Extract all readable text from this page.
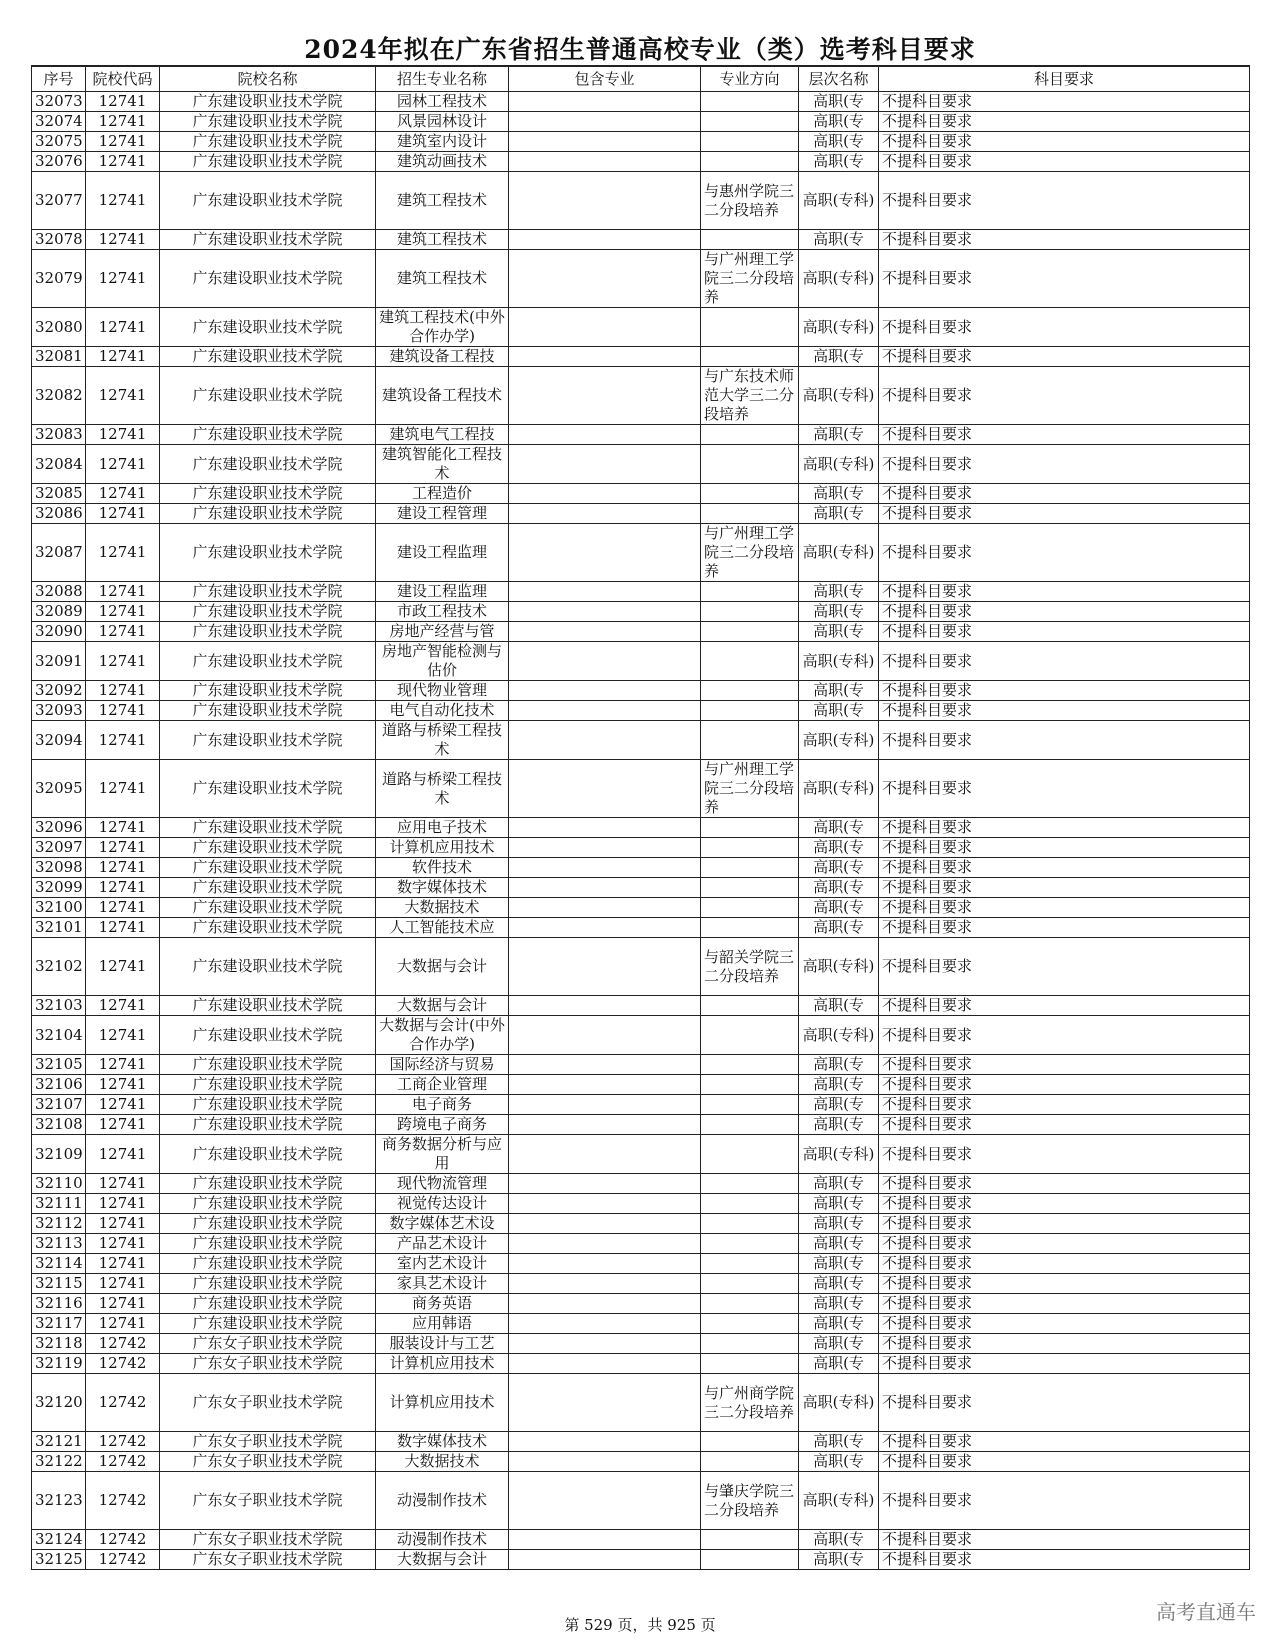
2024年拟在广东省招生普通高校专业（类）选考科目要求
序号	院校代码	院校名称	招生专业名称	包含专业	专业方向	层次名称	科目要求
32073	12741	广东建设职业技术学院	园林工程技术			高职(专	不提科目要求
32074	12741	广东建设职业技术学院	风景园林设计			高职(专	不提科目要求
32075	12741	广东建设职业技术学院	建筑室内设计			高职(专	不提科目要求
32076	12741	广东建设职业技术学院	建筑动画技术			高职(专	不提科目要求
32077	12741	广东建设职业技术学院	建筑工程技术		与惠州学院三二分段培养	高职(专科)	不提科目要求
32078	12741	广东建设职业技术学院	建筑工程技术			高职(专	不提科目要求
32079	12741	广东建设职业技术学院	建筑工程技术		与广州理工学院三二分段培养	高职(专科)	不提科目要求
32080	12741	广东建设职业技术学院	建筑工程技术(中外合作办学)			高职(专科)	不提科目要求
32081	12741	广东建设职业技术学院	建筑设备工程技			高职(专	不提科目要求
32082	12741	广东建设职业技术学院	建筑设备工程技术		与广东技术师范大学三二分段培养	高职(专科)	不提科目要求
32083	12741	广东建设职业技术学院	建筑电气工程技			高职(专	不提科目要求
32084	12741	广东建设职业技术学院	建筑智能化工程技术			高职(专科)	不提科目要求
32085	12741	广东建设职业技术学院	工程造价			高职(专	不提科目要求
32086	12741	广东建设职业技术学院	建设工程管理			高职(专	不提科目要求
32087	12741	广东建设职业技术学院	建设工程监理		与广州理工学院三二分段培养	高职(专科)	不提科目要求
32088	12741	广东建设职业技术学院	建设工程监理			高职(专	不提科目要求
32089	12741	广东建设职业技术学院	市政工程技术			高职(专	不提科目要求
32090	12741	广东建设职业技术学院	房地产经营与管			高职(专	不提科目要求
32091	12741	广东建设职业技术学院	房地产智能检测与估价			高职(专科)	不提科目要求
32092	12741	广东建设职业技术学院	现代物业管理			高职(专	不提科目要求
32093	12741	广东建设职业技术学院	电气自动化技术			高职(专	不提科目要求
32094	12741	广东建设职业技术学院	道路与桥梁工程技术			高职(专科)	不提科目要求
32095	12741	广东建设职业技术学院	道路与桥梁工程技术		与广州理工学院三二分段培养	高职(专科)	不提科目要求
32096	12741	广东建设职业技术学院	应用电子技术			高职(专	不提科目要求
32097	12741	广东建设职业技术学院	计算机应用技术			高职(专	不提科目要求
32098	12741	广东建设职业技术学院	软件技术			高职(专	不提科目要求
32099	12741	广东建设职业技术学院	数字媒体技术			高职(专	不提科目要求
32100	12741	广东建设职业技术学院	大数据技术			高职(专	不提科目要求
32101	12741	广东建设职业技术学院	人工智能技术应			高职(专	不提科目要求
32102	12741	广东建设职业技术学院	大数据与会计		与韶关学院三二分段培养	高职(专科)	不提科目要求
32103	12741	广东建设职业技术学院	大数据与会计			高职(专	不提科目要求
32104	12741	广东建设职业技术学院	大数据与会计(中外合作办学)			高职(专科)	不提科目要求
32105	12741	广东建设职业技术学院	国际经济与贸易			高职(专	不提科目要求
32106	12741	广东建设职业技术学院	工商企业管理			高职(专	不提科目要求
32107	12741	广东建设职业技术学院	电子商务			高职(专	不提科目要求
32108	12741	广东建设职业技术学院	跨境电子商务			高职(专	不提科目要求
32109	12741	广东建设职业技术学院	商务数据分析与应用			高职(专科)	不提科目要求
32110	12741	广东建设职业技术学院	现代物流管理			高职(专	不提科目要求
32111	12741	广东建设职业技术学院	视觉传达设计			高职(专	不提科目要求
32112	12741	广东建设职业技术学院	数字媒体艺术设			高职(专	不提科目要求
32113	12741	广东建设职业技术学院	产品艺术设计			高职(专	不提科目要求
32114	12741	广东建设职业技术学院	室内艺术设计			高职(专	不提科目要求
32115	12741	广东建设职业技术学院	家具艺术设计			高职(专	不提科目要求
32116	12741	广东建设职业技术学院	商务英语			高职(专	不提科目要求
32117	12741	广东建设职业技术学院	应用韩语			高职(专	不提科目要求
32118	12742	广东女子职业技术学院	服装设计与工艺			高职(专	不提科目要求
32119	12742	广东女子职业技术学院	计算机应用技术			高职(专	不提科目要求
32120	12742	广东女子职业技术学院	计算机应用技术		与广州商学院三二分段培养	高职(专科)	不提科目要求
32121	12742	广东女子职业技术学院	数字媒体技术			高职(专	不提科目要求
32122	12742	广东女子职业技术学院	大数据技术			高职(专	不提科目要求
32123	12742	广东女子职业技术学院	动漫制作技术		与肇庆学院三二分段培养	高职(专科)	不提科目要求
32124	12742	广东女子职业技术学院	动漫制作技术			高职(专	不提科目要求
32125	12742	广东女子职业技术学院	大数据与会计			高职(专	不提科目要求
第 529 页，共 925 页
高考直通车
